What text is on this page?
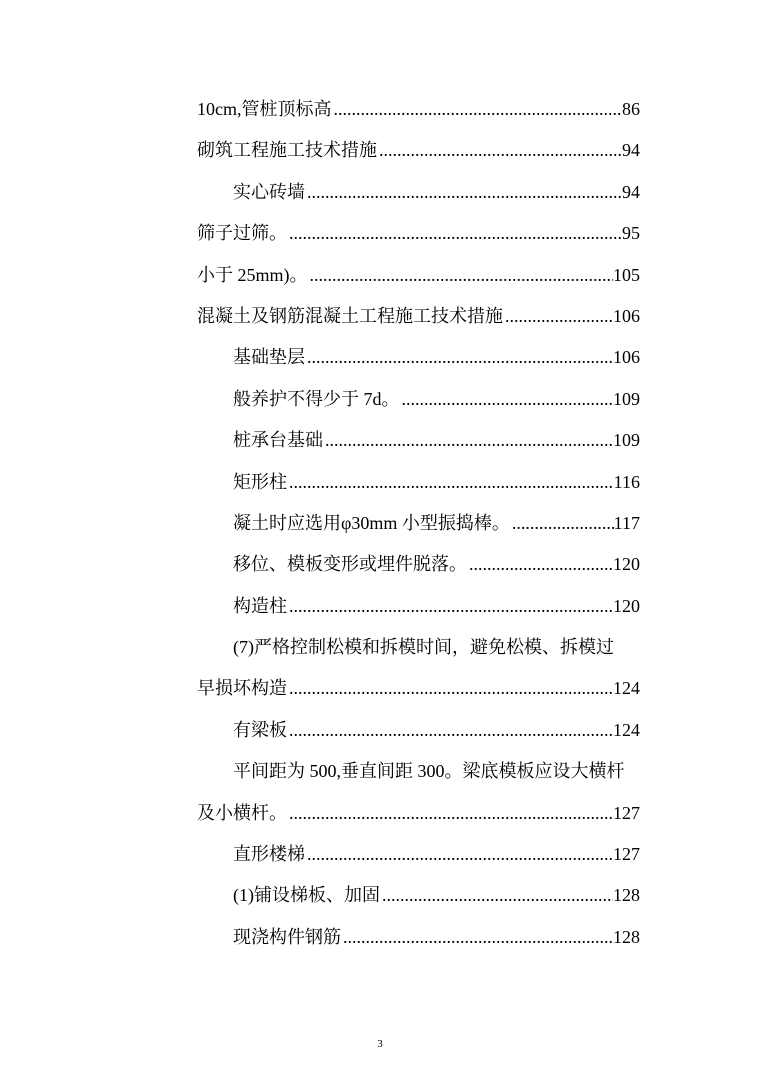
10cm,管桩顶标高 .....	86
砌筑工程施工技术措施 .....	94
实心砖墙 .....	94
筛子过筛。 .....	95
小于 25mm)。 .....	105
混凝土及钢筋混凝土工程施工技术措施 .....	106
基础垫层 .....	106
般养护不得少于 7d。 .....	109
桩承台基础 .....	109
矩形柱 .....	116
凝土时应选用φ30mm 小型振捣棒。 .....	117
移位、模板变形或埋件脱落。 .....	120
构造柱 .....	120
(7)严格控制松模和拆模时间，避免松模、拆模过
早损坏构造 .....	124
有梁板 .....	124
平间距为 500,垂直间距 300。梁底模板应设大横杆
及小横杆。 .....	127
直形楼梯 .....	127
(1)铺设梯板、加固 .....	128
现浇构件钢筋 .....	128
3
